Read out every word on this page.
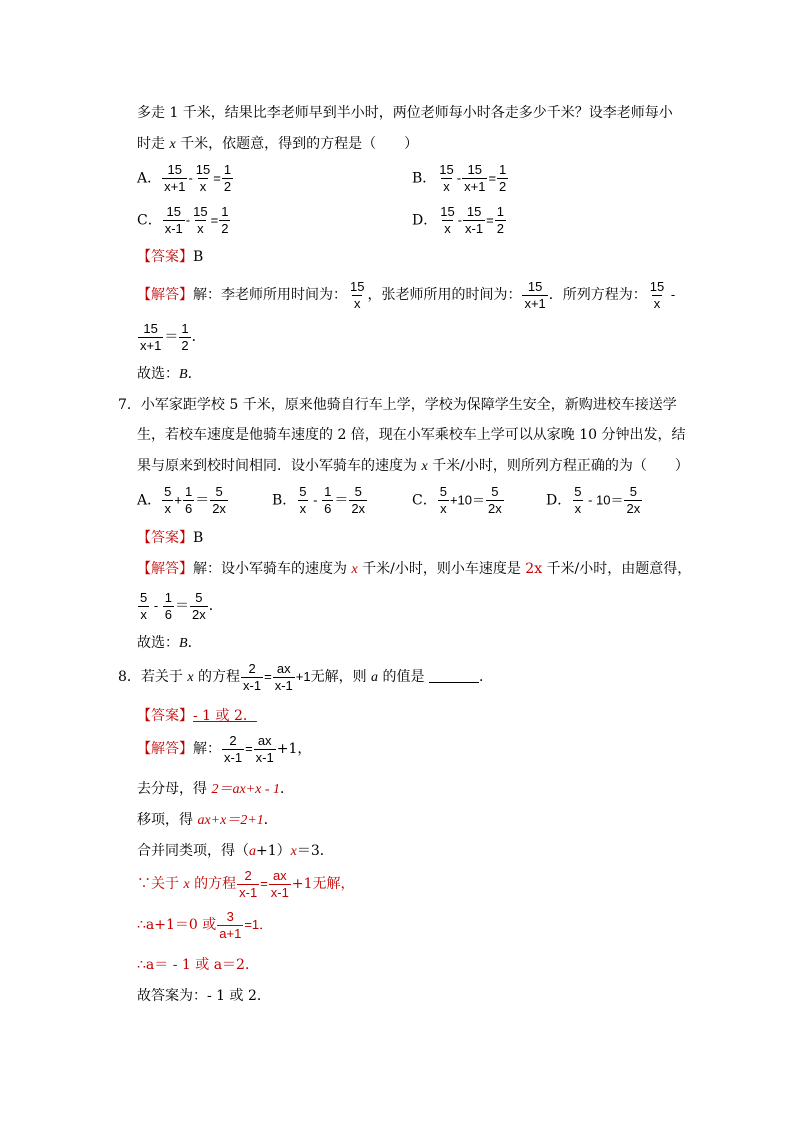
多走 1 千米，结果比李老师早到半小时，两位老师每小时各走多少千米？设李老师每小
时走 x 千米，依题意，得到的方程是（　　）
A． $\frac{15}{x+1} - \frac{15}{x} = \frac{1}{2}$	B． $\frac{15}{x} - \frac{15}{x+1} = \frac{1}{2}$
C． $\frac{15}{x-1} - \frac{15}{x} = \frac{1}{2}$	D． $\frac{15}{x} - \frac{15}{x-1} = \frac{1}{2}$
【答案】B
【解答】解：李老师所用时间为： $\frac{15}{x}$ ，张老师所用的时间为： $\frac{15}{x+1}$ ．所列方程为： $\frac{15}{x}$ -
$\frac{15}{x+1} = \frac{1}{2}$ ．
故选：B．
7．小军家距学校 5 千米，原来他骑自行车上学，学校为保障学生安全，新购进校车接送学
生，若校车速度是他骑车速度的 2 倍，现在小军乘校车上学可以从家晚 10 分钟出发，结
果与原来到校时间相同．设小军骑车的速度为 x 千米/小时，则所列方程正确的为（　　）
A． $\frac{5}{x} + \frac{1}{6} = \frac{5}{2x}$	B． $\frac{5}{x} - \frac{1}{6} = \frac{5}{2x}$	C． $\frac{5}{x} +10= \frac{5}{2x}$	D． $\frac{5}{x} - 10= \frac{5}{2x}$
【答案】B
【解答】解：设小军骑车的速度为 x 千米/小时，则小车速度是 2x 千米/小时，由题意得，
$\frac{5}{x} - \frac{1}{6} = \frac{5}{2x}$ ．
故选：B．
8．若关于 x 的方程 $\frac{2}{x-1} = \frac{ax}{x-1} +1$无解，则 a 的值是	．
【答案】- 1 或 2．
【解答】解： $\frac{2}{x-1} = \frac{ax}{x-1} +1$，
去分母，得 2＝ax+x - 1．
移项，得 ax+x＝2+1．
合并同类项，得（a+1）x＝3．
∵关于 x 的方程 $\frac{2}{x-1} = \frac{ax}{x-1} +1$无解，
∴a+1＝0 或 $\frac{3}{a+1} =1$．
∴a＝ - 1 或 a＝2．
故答案为：- 1 或 2．
